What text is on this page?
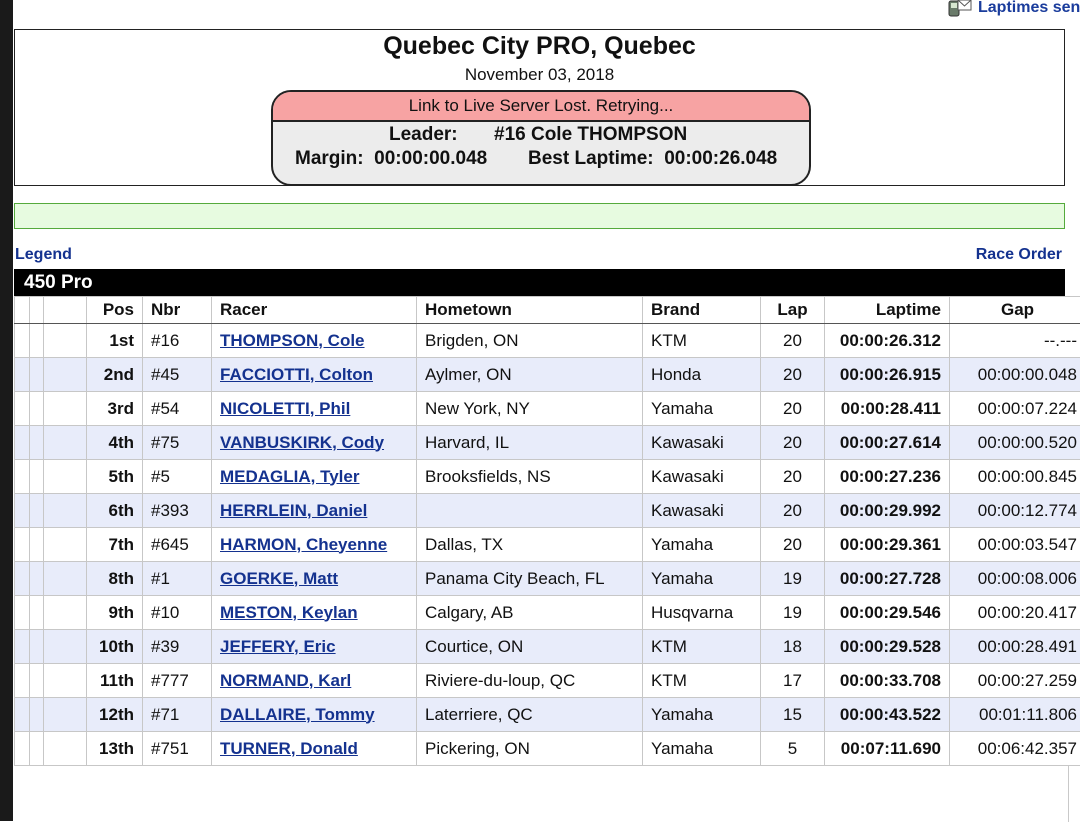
Laptimes sen
Quebec City PRO, Quebec
November 03, 2018
Link to Live Server Lost. Retrying...
Leader: #16 Cole THOMPSON
Margin: 00:00:00.048 Best Laptime: 00:00:26.048
Legend	Race Order
450 Pro
			Pos	Nbr	Racer	Hometown	Brand	Lap	Laptime	Gap
			1st	#16	THOMPSON, Cole	Brigden, ON	KTM	20	00:00:26.312	--.---
			2nd	#45	FACCIOTTI, Colton	Aylmer, ON	Honda	20	00:00:26.915	00:00:00.048
			3rd	#54	NICOLETTI, Phil	New York, NY	Yamaha	20	00:00:28.411	00:00:07.224
			4th	#75	VANBUSKIRK, Cody	Harvard, IL	Kawasaki	20	00:00:27.614	00:00:00.520
			5th	#5	MEDAGLIA, Tyler	Brooksfields, NS	Kawasaki	20	00:00:27.236	00:00:00.845
			6th	#393	HERRLEIN, Daniel		Kawasaki	20	00:00:29.992	00:00:12.774
			7th	#645	HARMON, Cheyenne	Dallas, TX	Yamaha	20	00:00:29.361	00:00:03.547
			8th	#1	GOERKE, Matt	Panama City Beach, FL	Yamaha	19	00:00:27.728	00:00:08.006
			9th	#10	MESTON, Keylan	Calgary, AB	Husqvarna	19	00:00:29.546	00:00:20.417
			10th	#39	JEFFERY, Eric	Courtice, ON	KTM	18	00:00:29.528	00:00:28.491
			11th	#777	NORMAND, Karl	Riviere-du-loup, QC	KTM	17	00:00:33.708	00:00:27.259
			12th	#71	DALLAIRE, Tommy	Laterriere, QC	Yamaha	15	00:00:43.522	00:01:11.806
			13th	#751	TURNER, Donald	Pickering, ON	Yamaha	5	00:07:11.690	00:06:42.357
